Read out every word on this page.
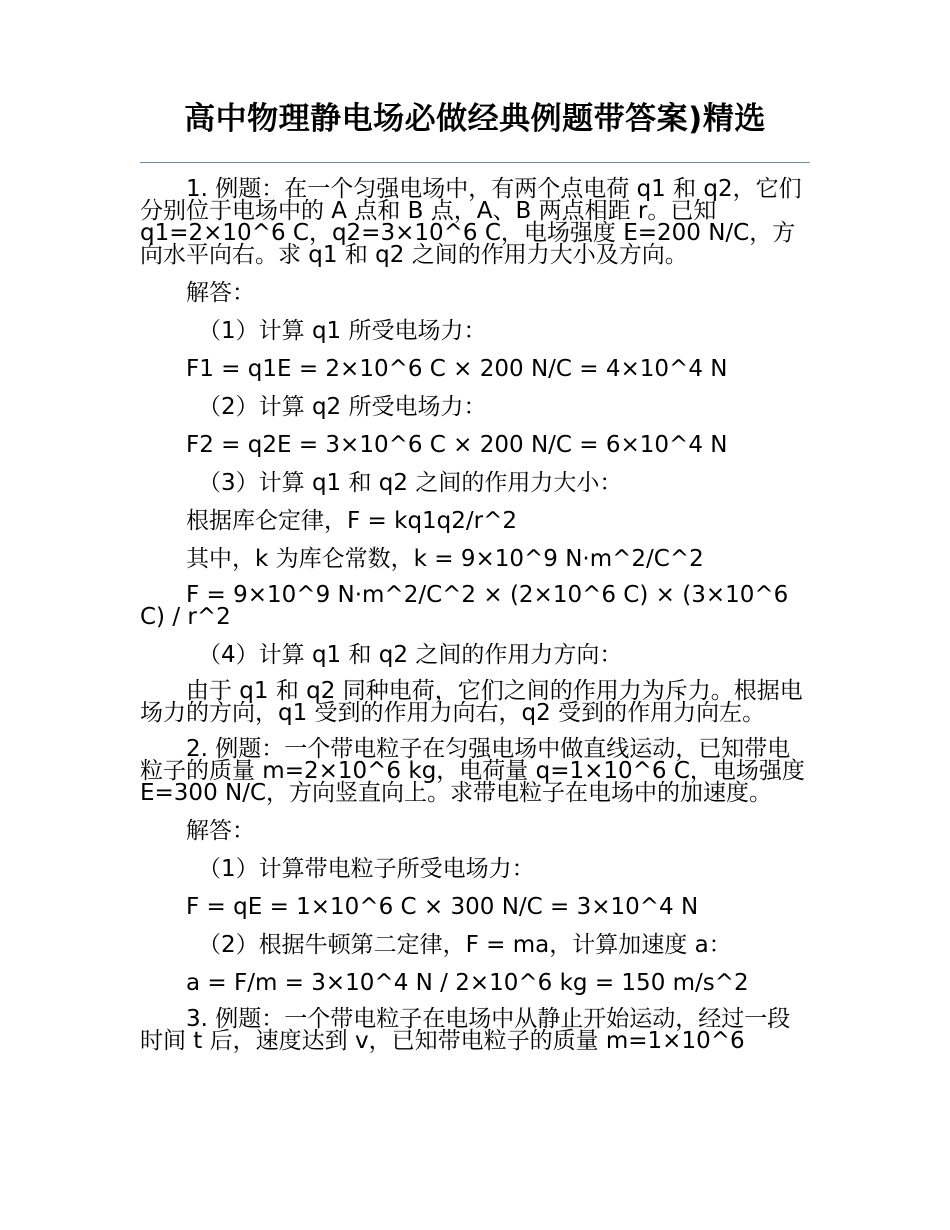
高中物理静电场必做经典例题带答案)精选

1. 例题：在一个匀强电场中，有两个点电荷 q1 和 q2，它们分别位于电场中的 A 点和 B 点，A、B 两点相距 r。已知 q1=2×10^6 C，q2=3×10^6 C，电场强度 E=200 N/C，方向水平向右。求 q1 和 q2 之间的作用力大小及方向。

解答：

（1）计算 q1 所受电场力：

F1 = q1E = 2×10^6 C × 200 N/C = 4×10^4 N

（2）计算 q2 所受电场力：

F2 = q2E = 3×10^6 C × 200 N/C = 6×10^4 N

（3）计算 q1 和 q2 之间的作用力大小：

根据库仑定律，F = kq1q2/r^2

其中，k 为库仑常数，k = 9×10^9 N·m^2/C^2

F = 9×10^9 N·m^2/C^2 × (2×10^6 C) × (3×10^6 C) / r^2

（4）计算 q1 和 q2 之间的作用力方向：

由于 q1 和 q2 同种电荷，它们之间的作用力为斥力。根据电场力的方向，q1 受到的作用力向右，q2 受到的作用力向左。

2. 例题：一个带电粒子在匀强电场中做直线运动，已知带电粒子的质量 m=2×10^6 kg，电荷量 q=1×10^6 C，电场强度 E=300 N/C，方向竖直向上。求带电粒子在电场中的加速度。

解答：

（1）计算带电粒子所受电场力：

F = qE = 1×10^6 C × 300 N/C = 3×10^4 N

（2）根据牛顿第二定律，F = ma，计算加速度 a：

a = F/m = 3×10^4 N / 2×10^6 kg = 150 m/s^2

3. 例题：一个带电粒子在电场中从静止开始运动，经过一段时间 t 后，速度达到 v，已知带电粒子的质量 m=1×10^6
